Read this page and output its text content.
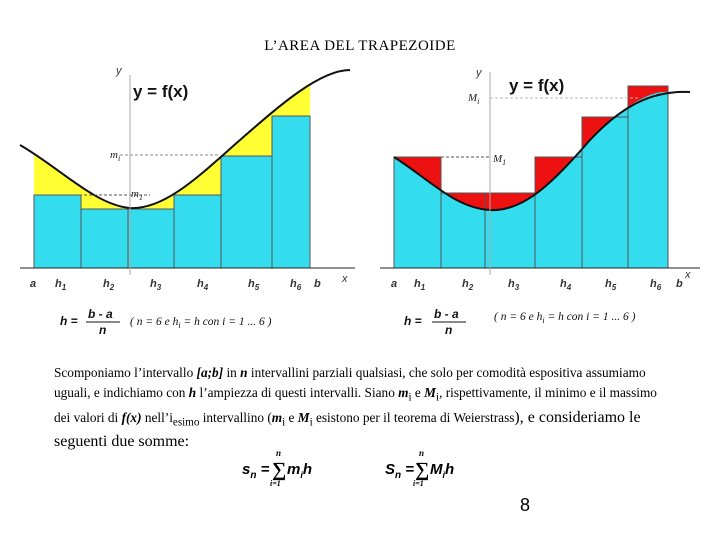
L’AREA DEL TRAPEZOIDE
y
x
y = f(x)
$m_i$
$m_1$
a $h_1$	$h_2$	$h_3$	$h_4$	$h_5$	$h_6$ b
h = b - a
n
( n = 6 e $h_i = h$ con i = 1 ... 6 )
y
x
y = f(x)
$M_i$
$M_1$
a $h_1$	$h_2$	$h_3$	$h_4$	$h_5$	$h_6$ b
h = b - a
n
( n = 6 e $h_i = h$ con i = 1 ... 6 )
Scomponiamo l’intervallo [a;b] in n intervallini parziali qualsiasi, che solo per comodità espositiva assumiamo uguali, e indichiamo con h l’ampiezza di questi intervalli. Siano $m_i$ e $M_i$, rispettivamente, il minimo e il massimo dei valori di f(x) $nell’i_{esimo}$ intervallino ($m_i$ e $M_i$ esistono per il teorema di Weierstrass), e consideriamo le seguenti due somme:
$s_n$ =
n
∑
i=1
$m_ih$	$S_n$ =
n
∑
i=1
$M_ih$
8
